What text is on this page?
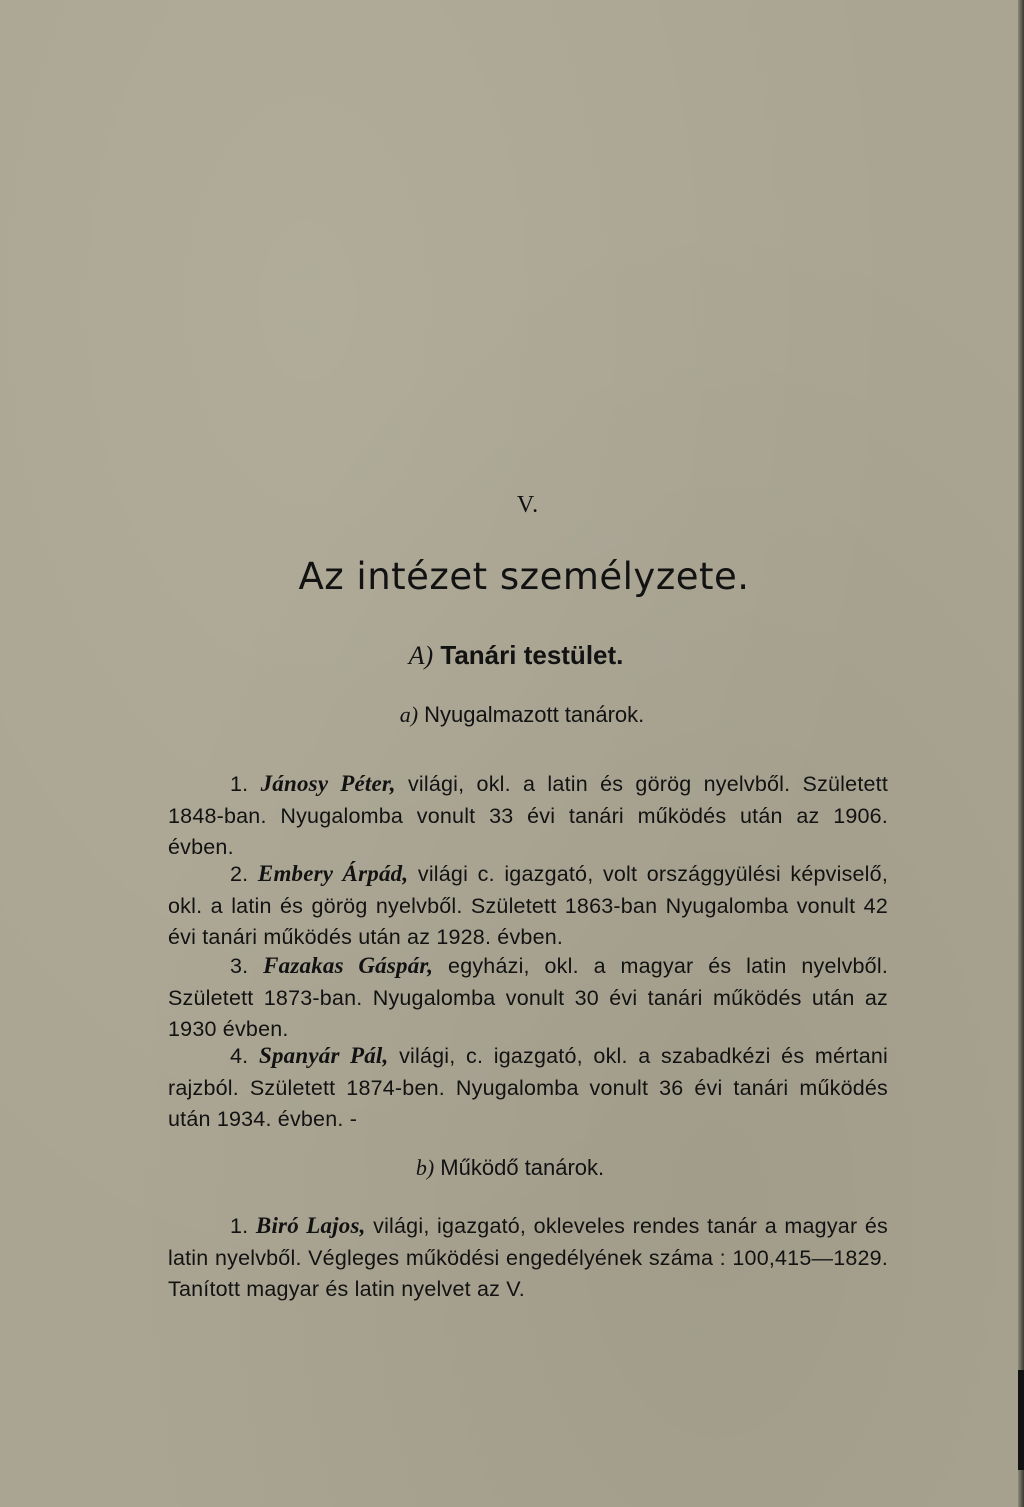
V.
Az intézet személyzete.
A) Tanári testület.
a) Nyugalmazott tanárok.
1. Jánosy Péter, világi, okl. a latin és görög nyelvből. Született 1848-ban. Nyugalomba vonult 33 évi tanári működés után az 1906. évben.
2. Embery Árpád, világi c. igazgató, volt országgyülési képviselő, okl. a latin és görög nyelvből. Született 1863-ban Nyugalomba vonult 42 évi tanári működés után az 1928. évben.
3. Fazakas Gáspár, egyházi, okl. a magyar és latin nyelvből. Született 1873-ban. Nyugalomba vonult 30 évi tanári működés után az 1930 évben.
4. Spanyár Pál, világi, c. igazgató, okl. a szabadkézi és mértani rajzból. Született 1874-ben. Nyugalomba vonult 36 évi tanári működés után 1934. évben. -
b) Működő tanárok.
1. Biró Lajos, világi, igazgató, okleveles rendes tanár a magyar és latin nyelvből. Végleges működési engedélyének száma : 100,415—1829. Tanított magyar és latin nyelvet az V.
